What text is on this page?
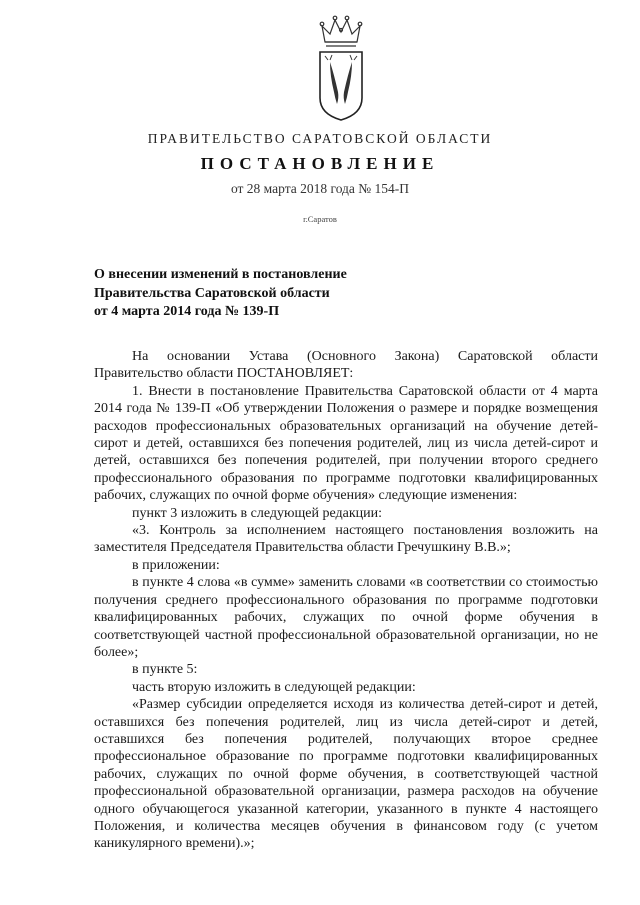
ПРАВИТЕЛЬСТВО САРАТОВСКОЙ ОБЛАСТИ
ПОСТАНОВЛЕНИЕ
от 28 марта 2018 года № 154-П
г.Саратов
О внесении изменений в постановление
Правительства Саратовской области
от 4 марта 2014 года № 139-П

На основании Устава (Основного Закона) Саратовской области Правительство области ПОСТАНОВЛЯЕТ:

1. Внести в постановление Правительства Саратовской области от 4 марта 2014 года № 139-П «Об утверждении Положения о размере и порядке возмещения расходов профессиональных образовательных организаций на обучение детей-сирот и детей, оставшихся без попечения родителей, лиц из числа детей-сирот и детей, оставшихся без попечения родителей, при получении второго среднего профессионального образования по программе подготовки квалифицированных рабочих, служащих по очной форме обучения» следующие изменения:

пункт 3 изложить в следующей редакции:

«3. Контроль за исполнением настоящего постановления возложить на заместителя Председателя Правительства области Гречушкину В.В.»;

в приложении:

в пункте 4 слова «в сумме» заменить словами «в соответствии со стоимостью получения среднего профессионального образования по программе подготовки квалифицированных рабочих, служащих по очной форме обучения в соответствующей частной профессиональной образовательной организации, но не более»;

в пункте 5:

часть вторую изложить в следующей редакции:

«Размер субсидии определяется исходя из количества детей-сирот и детей, оставшихся без попечения родителей, лиц из числа детей-сирот и детей, оставшихся без попечения родителей, получающих второе среднее профессиональное образование по программе подготовки квалифицированных рабочих, служащих по очной форме обучения, в соответствующей частной профессиональной образовательной организации, размера расходов на обучение одного обучающегося указанной категории, указанного в пункте 4 настоящего Положения, и количества месяцев обучения в финансовом году (с учетом каникулярного времени).»;
